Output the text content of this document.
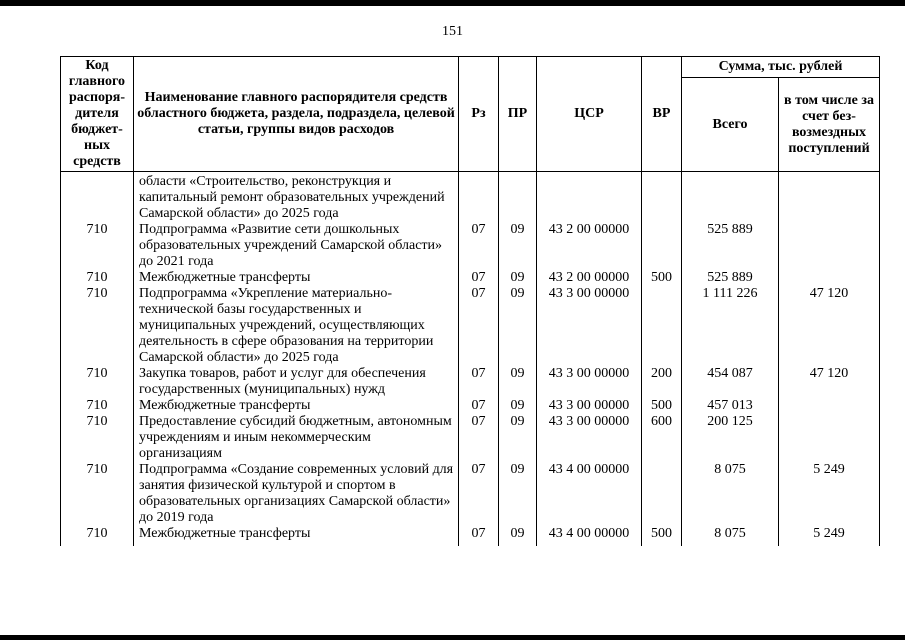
151
Код главного распоря-дителя бюджет-ных средств	Наименование главного распорядителя средств областного бюджета, раздела, подраздела, целевой статьи, группы видов расходов	Рз	ПР	ЦСР	ВР	Сумма, тыс. рублей	
						Всего	в том числе за счет без-возмездных поступлений
	области «Строительство, реконструкция и капитальный ремонт образовательных учреждений Самарской области» до 2025 года						
710	Подпрограмма «Развитие сети дошкольных образовательных учреждений Самарской области» до 2021 года	07	09	43 2 00 00000		525 889	
710	Межбюджетные трансферты	07	09	43 2 00 00000	500	525 889	
710	Подпрограмма «Укрепление материально-технической базы государственных и муниципальных учреждений, осуществляющих деятельность в сфере образования на территории Самарской области» до 2025 года	07	09	43 3 00 00000		1 111 226	47 120
710	Закупка товаров, работ и услуг для обеспечения государственных (муниципальных) нужд	07	09	43 3 00 00000	200	454 087	47 120
710	Межбюджетные трансферты	07	09	43 3 00 00000	500	457 013	
710	Предоставление субсидий бюджетным, автономным учреждениям и иным некоммерческим организациям	07	09	43 3 00 00000	600	200 125	
710	Подпрограмма «Создание современных условий для занятия физической культурой и спортом в образовательных организациях Самарской области» до 2019 года	07	09	43 4 00 00000		8 075	5 249
710	Межбюджетные трансферты	07	09	43 4 00 00000	500	8 075	5 249
